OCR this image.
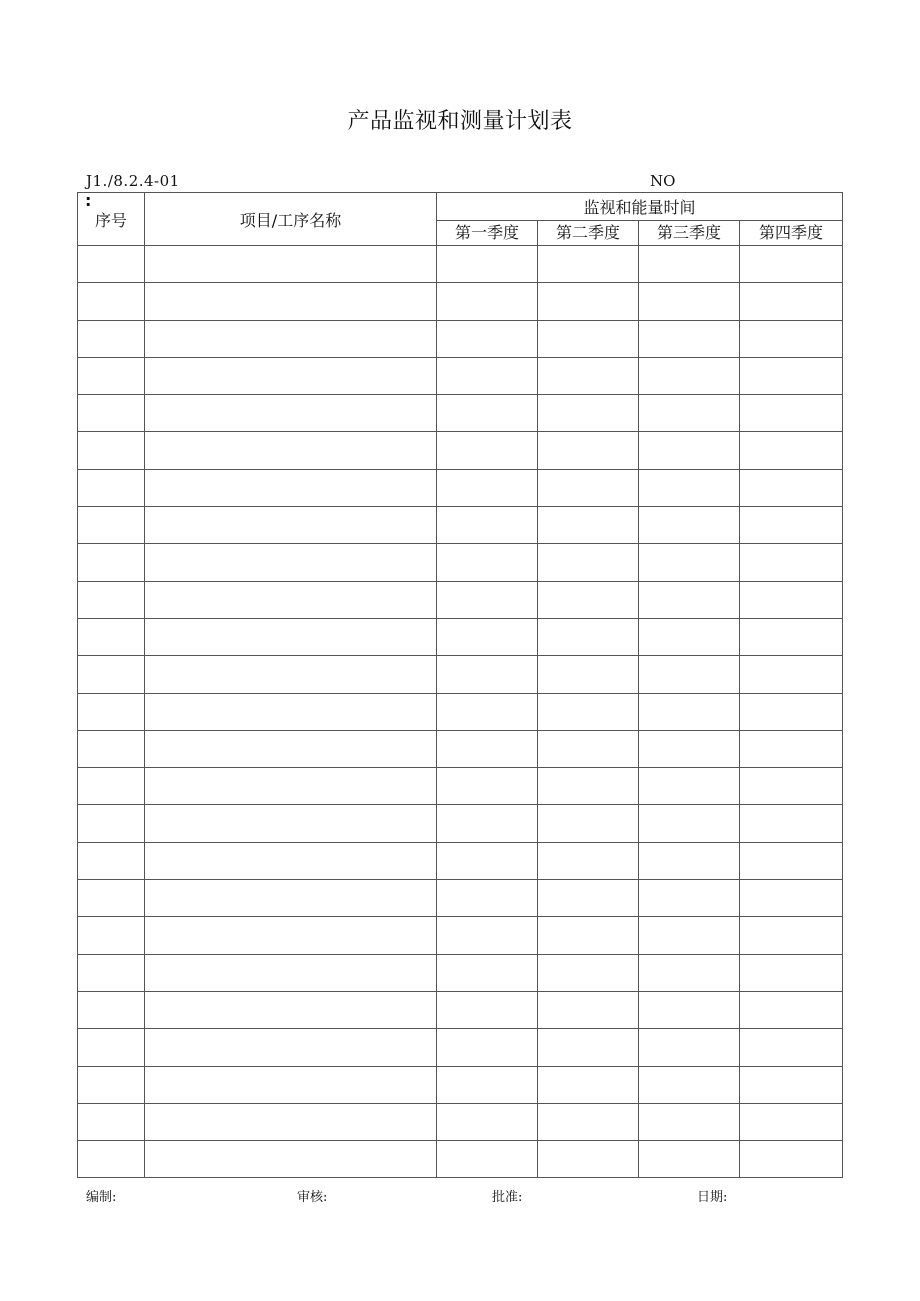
产品监视和测量计划表
J1./8.2.4-01	NO
:
序号	项目/工序名称	监视和能量时间			
		第一季度	第二季度	第三季度	第四季度

编制:	审核:	批准:	日期:
